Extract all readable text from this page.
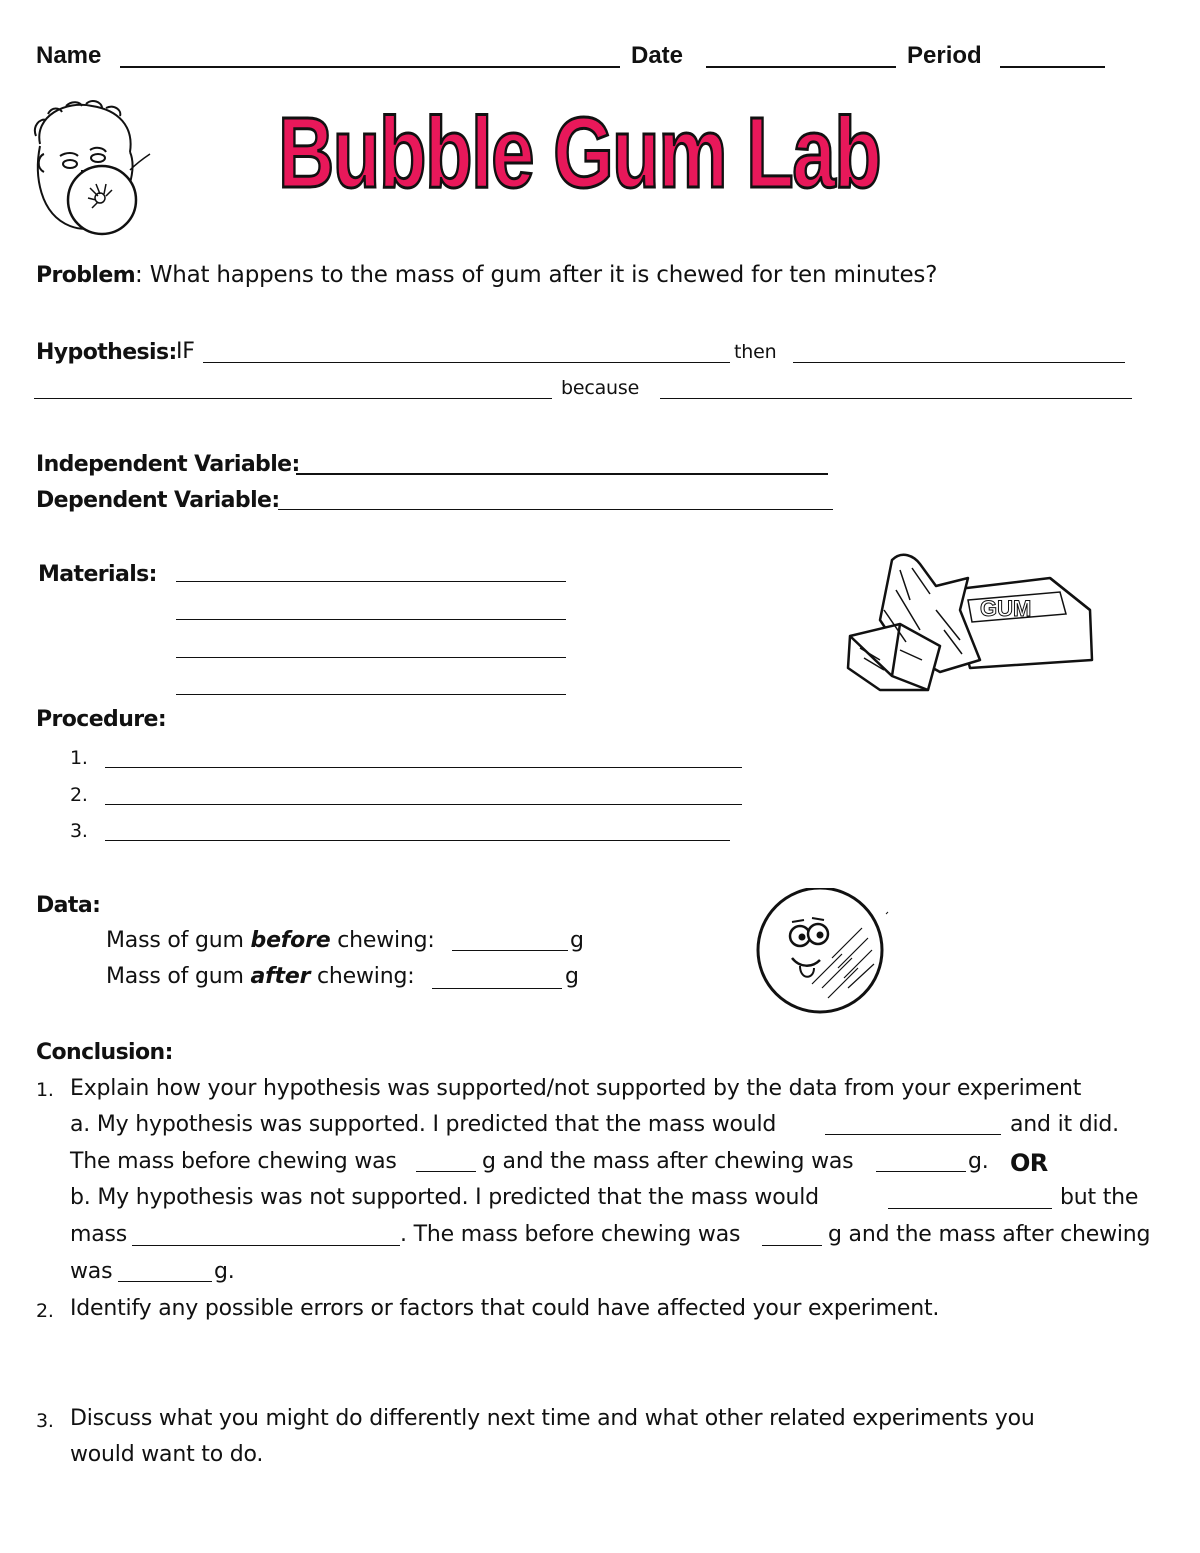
Name	Date	Period
Bubble Gum Lab
Problem: What happens to the mass of gum after it is chewed for ten minutes?
Hypothesis: IF	then
because
Independent Variable:
Dependent Variable:
Materials:
GUM
Procedure:
1.
2.
3.
Data:
Mass of gum before chewing:	g
Mass of gum after chewing:	g
Conclusion:
1. Explain how your hypothesis was supported/not supported by the data from your experiment
a. My hypothesis was supported. I predicted that the mass would	and it did.
The mass before chewing was	g and the mass after chewing was	g. OR
b. My hypothesis was not supported. I predicted that the mass would	but the
mass	. The mass before chewing was	g and the mass after chewing
was	g.
2. Identify any possible errors or factors that could have affected your experiment.
3. Discuss what you might do differently next time and what other related experiments you
would want to do.
